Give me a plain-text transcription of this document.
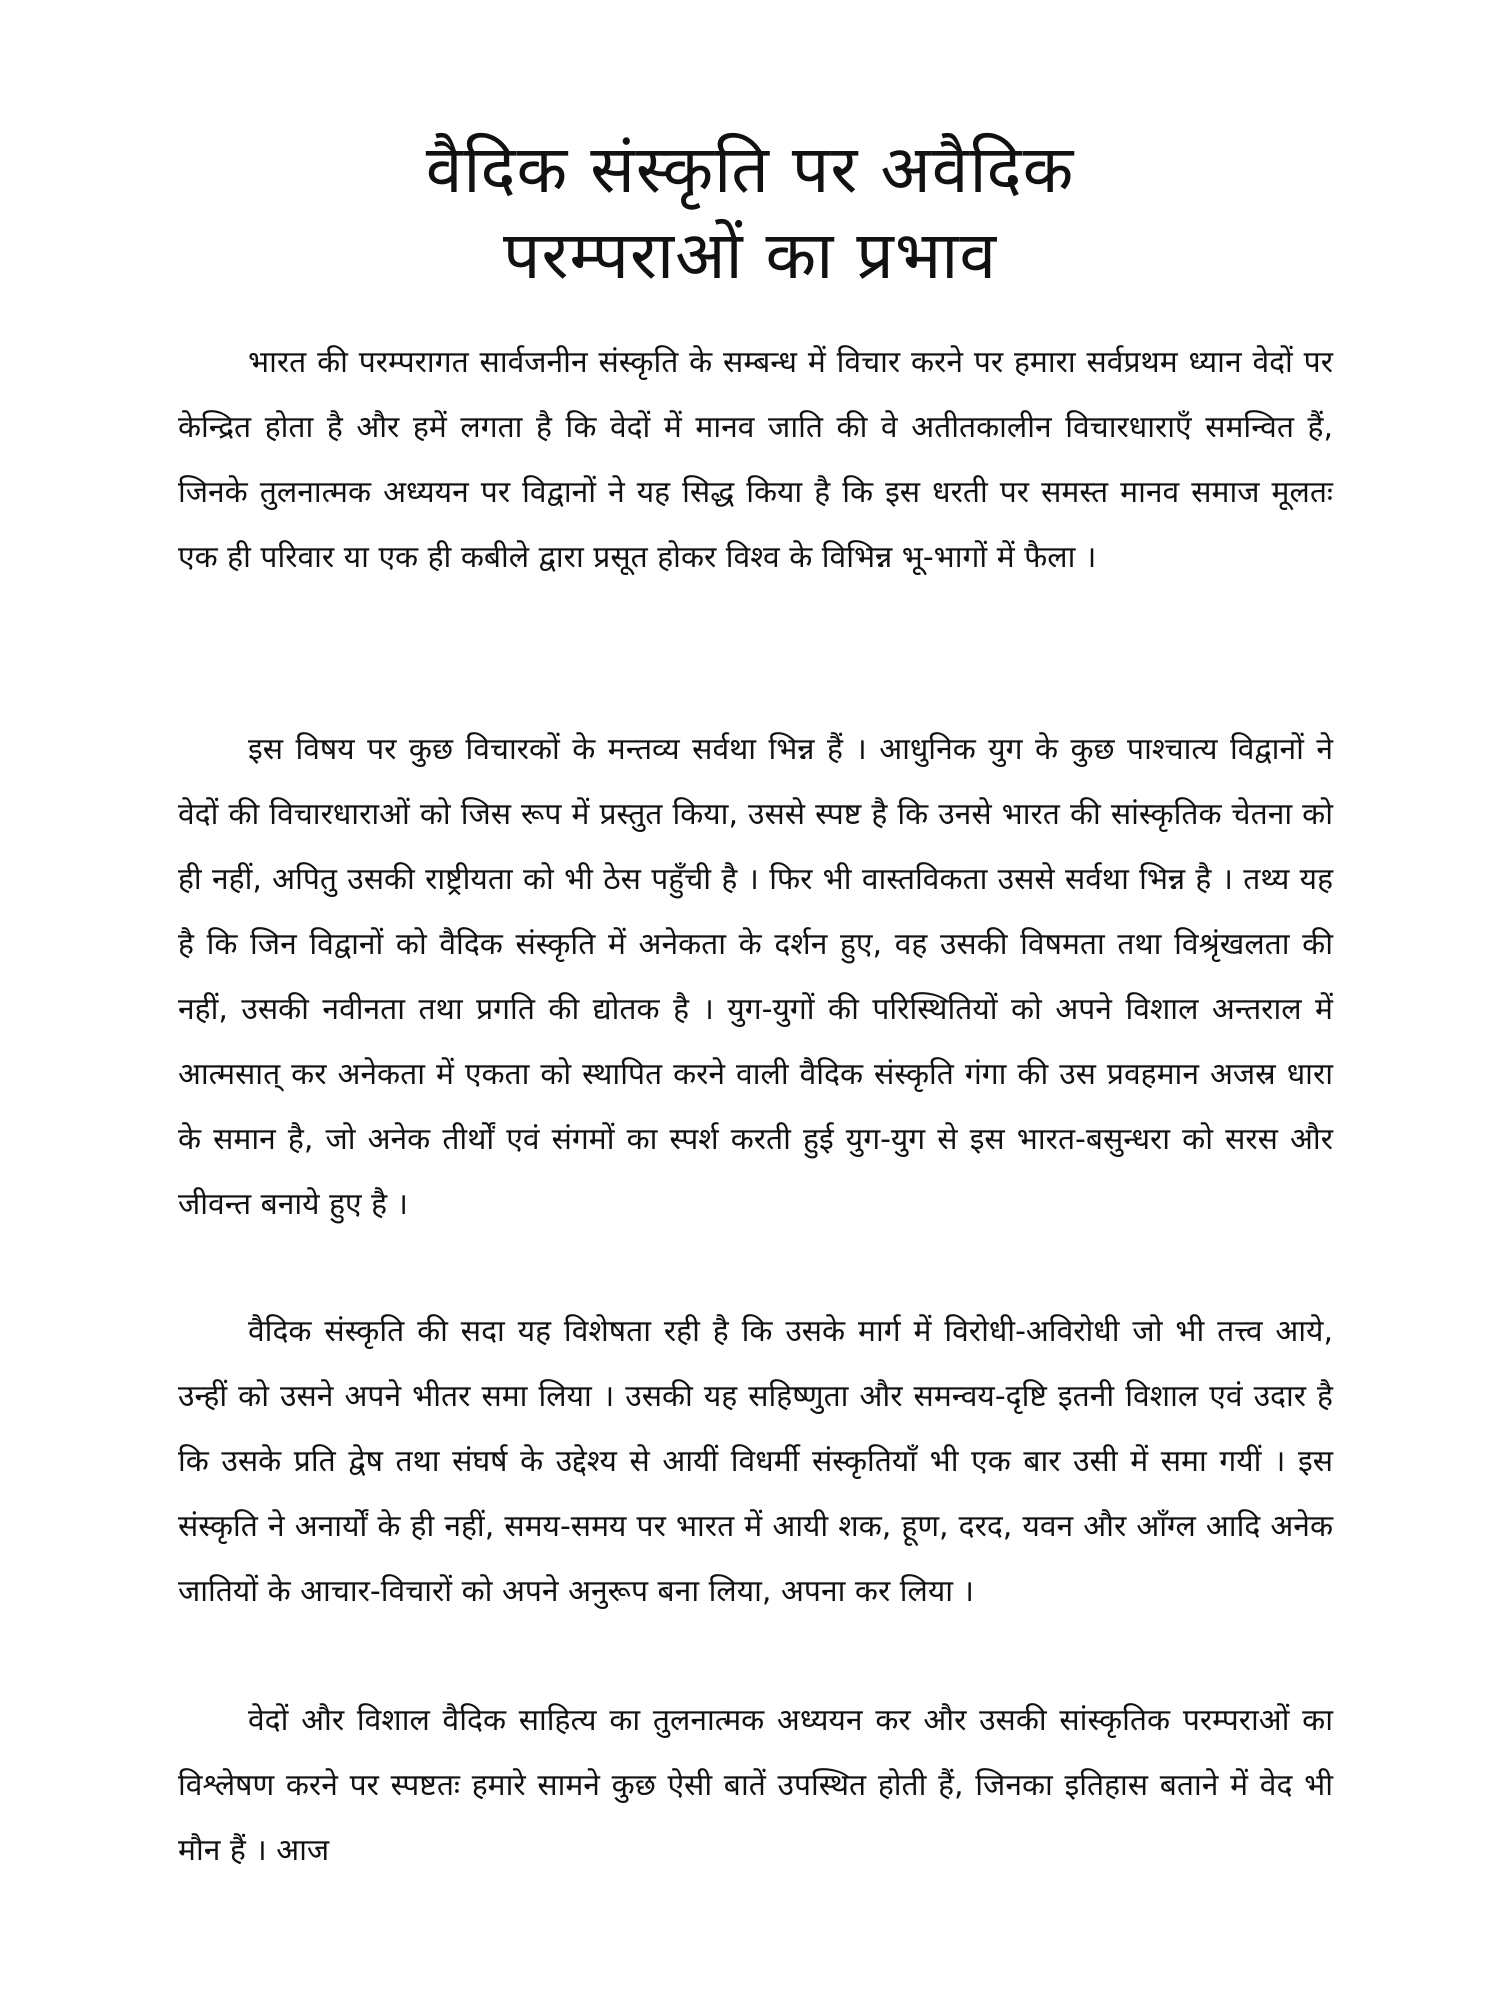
वैदिक संस्कृति पर अवैदिक
परम्पराओं का प्रभाव

भारत की परम्परागत सार्वजनीन संस्कृति के सम्बन्ध में विचार करने पर हमारा सर्वप्रथम ध्यान वेदों पर केन्द्रित होता है और हमें लगता है कि वेदों में मानव जाति की वे अतीतकालीन विचारधाराएँ समन्वित हैं, जिनके तुलनात्मक अध्ययन पर विद्वानों ने यह सिद्ध किया है कि इस धरती पर समस्त मानव समाज मूलतः एक ही परिवार या एक ही कबीले द्वारा प्रसूत होकर विश्व के विभिन्न भू-भागों में फैला ।

इस विषय पर कुछ विचारकों के मन्तव्य सर्वथा भिन्न हैं । आधुनिक युग के कुछ पाश्चात्य विद्वानों ने वेदों की विचारधाराओं को जिस रूप में प्रस्तुत किया, उससे स्पष्ट है कि उनसे भारत की सांस्कृतिक चेतना को ही नहीं, अपितु उसकी राष्ट्रीयता को भी ठेस पहुँची है । फिर भी वास्तविकता उससे सर्वथा भिन्न है । तथ्य यह है कि जिन विद्वानों को वैदिक संस्कृति में अनेकता के दर्शन हुए, वह उसकी विषमता तथा विश्रृंखलता की नहीं, उसकी नवीनता तथा प्रगति की द्योतक है । युग-युगों की परिस्थितियों को अपने विशाल अन्तराल में आत्मसात् कर अनेकता में एकता को स्थापित करने वाली वैदिक संस्कृति गंगा की उस प्रवहमान अजस्र धारा के समान है, जो अनेक तीर्थों एवं संगमों का स्पर्श करती हुई युग-युग से इस भारत-बसुन्धरा को सरस और जीवन्त बनाये हुए है ।

वैदिक संस्कृति की सदा यह विशेषता रही है कि उसके मार्ग में विरोधी-अविरोधी जो भी तत्त्व आये, उन्हीं को उसने अपने भीतर समा लिया । उसकी यह सहिष्णुता और समन्वय-दृष्टि इतनी विशाल एवं उदार है कि उसके प्रति द्वेष तथा संघर्ष के उद्देश्य से आयीं विधर्मी संस्कृतियाँ भी एक बार उसी में समा गयीं । इस संस्कृति ने अनार्यों के ही नहीं, समय-समय पर भारत में आयी शक, हूण, दरद, यवन और आँग्ल आदि अनेक जातियों के आचार-विचारों को अपने अनुरूप बना लिया, अपना कर लिया ।

वेदों और विशाल वैदिक साहित्य का तुलनात्मक अध्ययन कर और उसकी सांस्कृतिक परम्पराओं का विश्लेषण करने पर स्पष्टतः हमारे सामने कुछ ऐसी बातें उपस्थित होती हैं, जिनका इतिहास बताने में वेद भी मौन हैं । आज
